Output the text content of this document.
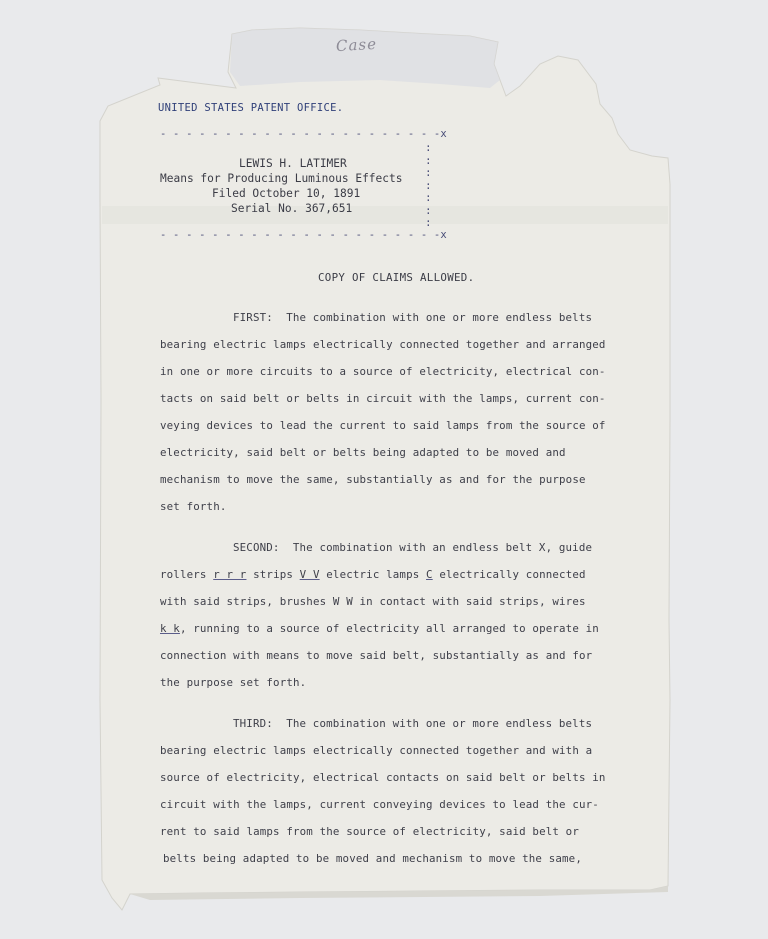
Case
UNITED STATES PATENT OFFICE.
- - - - - - - - - - - - - - - - - - - - - -x
LEWIS H. LATIMER
Means for Producing Luminous Effects
Filed October 10, 1891
Serial No. 367,651
:
:
:
:
:
:
:
- - - - - - - - - - - - - - - - - - - - - -x
COPY OF CLAIMS ALLOWED.
FIRST:  The combination with one or more endless belts
bearing electric lamps electrically connected together and arranged
in one or more circuits to a source of electricity, electrical con-
tacts on said belt or belts in circuit with the lamps, current con-
veying devices to lead the current to said lamps from the source of
electricity, said belt or belts being adapted to be moved and
mechanism to move the same, substantially as and for the purpose
set forth.
SECOND:  The combination with an endless belt X, guide
rollers r r r strips V V electric lamps C electrically connected
with said strips, brushes W W in contact with said strips, wires
k k, running to a source of electricity all arranged to operate in
connection with means to move said belt, substantially as and for
the purpose set forth.
THIRD:  The combination with one or more endless belts
bearing electric lamps electrically connected together and with a
source of electricity, electrical contacts on said belt or belts in
circuit with the lamps, current conveying devices to lead the cur-
rent to said lamps from the source of electricity, said belt or
belts being adapted to be moved and mechanism to move the same,
